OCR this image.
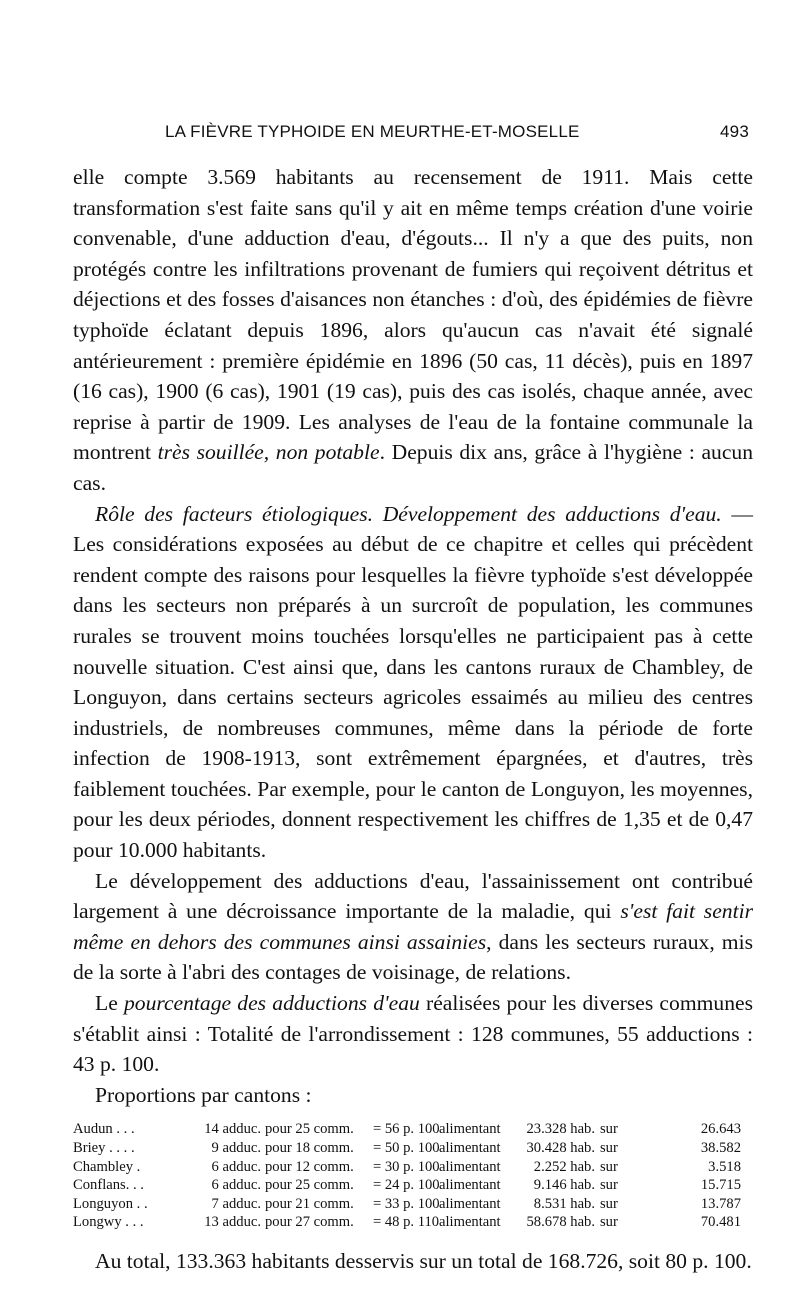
LA FIÈVRE TYPHOIDE EN MEURTHE-ET-MOSELLE	493

elle compte 3.569 habitants au recensement de 1911. Mais cette transformation s'est faite sans qu'il y ait en même temps création d'une voirie convenable, d'une adduction d'eau, d'égouts... Il n'y a que des puits, non protégés contre les infiltrations provenant de fumiers qui reçoivent détritus et déjections et des fosses d'aisances non étanches : d'où, des épidémies de fièvre typhoïde éclatant depuis 1896, alors qu'aucun cas n'avait été signalé antérieurement : première épidémie en 1896 (50 cas, 11 décès), puis en 1897 (16 cas), 1900 (6 cas), 1901 (19 cas), puis des cas isolés, chaque année, avec reprise à partir de 1909. Les analyses de l'eau de la fontaine communale la montrent très souillée, non potable. Depuis dix ans, grâce à l'hygiène : aucun cas.

Rôle des facteurs étiologiques. Développement des adductions d'eau. — Les considérations exposées au début de ce chapitre et celles qui précèdent rendent compte des raisons pour lesquelles la fièvre typhoïde s'est développée dans les secteurs non préparés à un surcroît de population, les communes rurales se trouvent moins touchées lorsqu'elles ne participaient pas à cette nouvelle situation. C'est ainsi que, dans les cantons ruraux de Chambley, de Longuyon, dans certains secteurs agricoles essaimés au milieu des centres industriels, de nombreuses communes, même dans la période de forte infection de 1908-1913, sont extrêmement épargnées, et d'autres, très faiblement touchées. Par exemple, pour le canton de Longuyon, les moyennes, pour les deux périodes, donnent respectivement les chiffres de 1,35 et de 0,47 pour 10.000 habitants.

Le développement des adductions d'eau, l'assainissement ont contribué largement à une décroissance importante de la maladie, qui s'est fait sentir même en dehors des communes ainsi assainies, dans les secteurs ruraux, mis de la sorte à l'abri des contages de voisinage, de relations.

Le pourcentage des adductions d'eau réalisées pour les diverses communes s'établit ainsi : Totalité de l'arrondissement : 128 communes, 55 adductions : 43 p. 100.

Proportions par cantons :

Audun . . .	14 adduc. pour 25 comm.	= 56 p. 100 alimentant	23.328 hab. sur	26.643
Briey . . . .	9 adduc. pour 18 comm.	= 50 p. 100 alimentant	30.428 hab. sur	38.582
Chambley .	6 adduc. pour 12 comm.	= 30 p. 100 alimentant	2.252 hab. sur	3.518
Conflans. . .	6 adduc. pour 25 comm.	= 24 p. 100 alimentant	9.146 hab. sur	15.715
Longuyon . .	7 adduc. pour 21 comm.	= 33 p. 100 alimentant	8.531 hab. sur	13.787
Longwy . . .	13 adduc. pour 27 comm.	= 48 p. 110 alimentant	58.678 hab. sur	70.481

Au total, 133.363 habitants desservis sur un total de 168.726, soit 80 p. 100.
